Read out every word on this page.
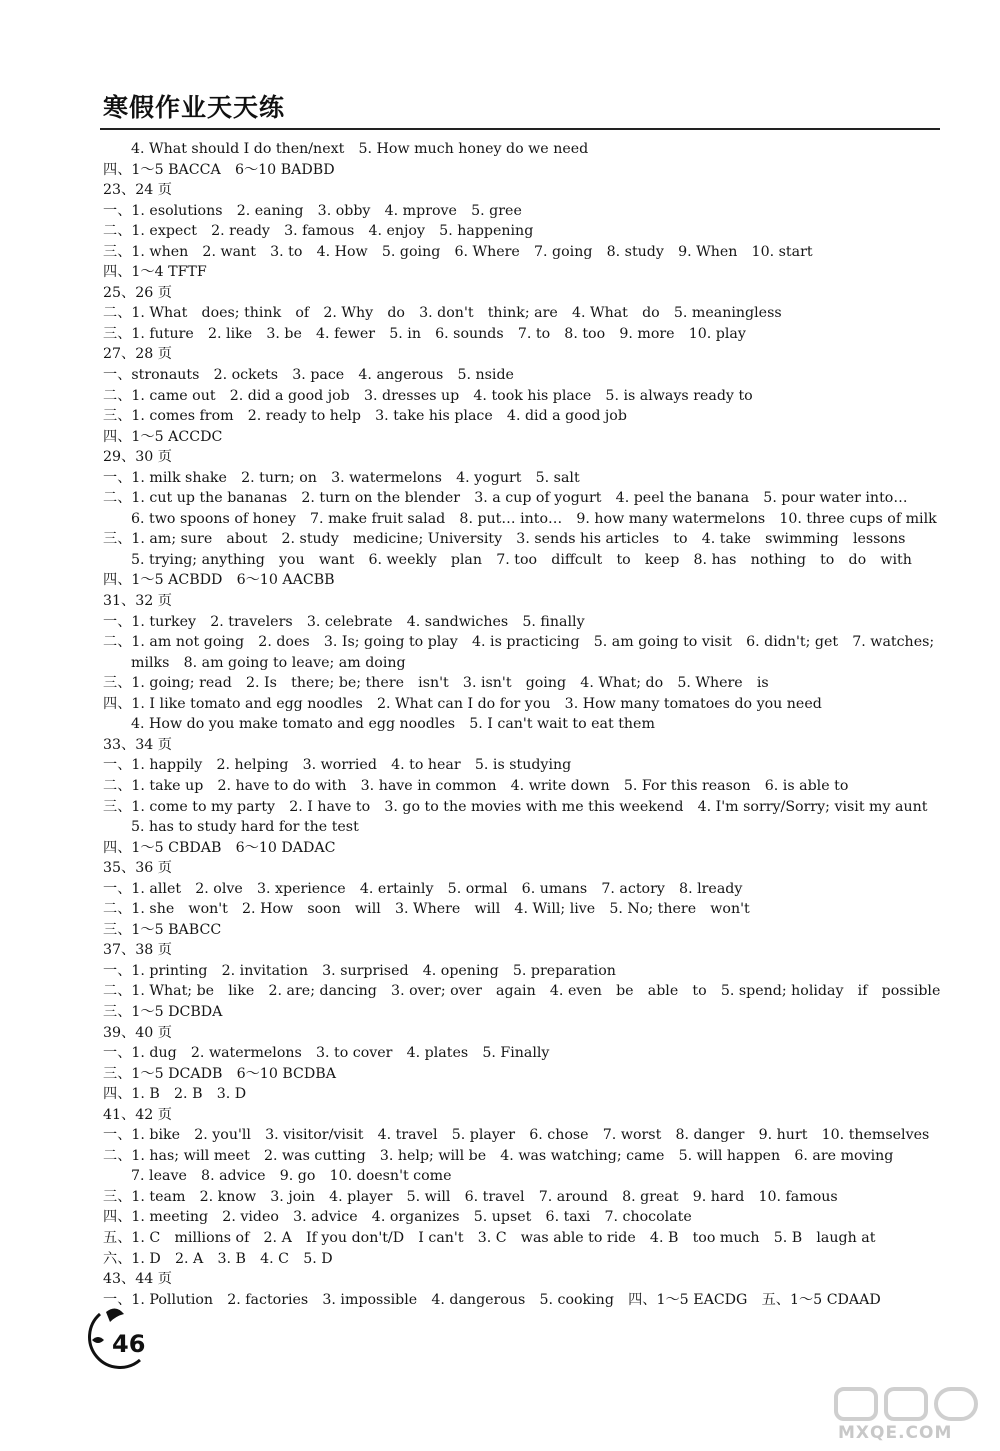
寒假作业天天练
4. What should I do then/next　5. How much honey do we need
四、1～5 BACCA　6～10 BADBD
23、24 页
一、1. esolutions　2. eaning　3. obby　4. mprove　5. gree
二、1. expect　2. ready　3. famous　4. enjoy　5. happening
三、1. when　2. want　3. to　4. How　5. going　6. Where　7. going　8. study　9. When　10. start
四、1～4 TFTF
25、26 页
二、1. What　does; think　of　2. Why　do　3. don't　think; are　4. What　do　5. meaningless
三、1. future　2. like　3. be　4. fewer　5. in　6. sounds　7. to　8. too　9. more　10. play
27、28 页
一、stronauts　2. ockets　3. pace　4. angerous　5. nside
二、1. came out　2. did a good job　3. dresses up　4. took his place　5. is always ready to
三、1. comes from　2. ready to help　3. take his place　4. did a good job
四、1～5 ACCDC
29、30 页
一、1. milk shake　2. turn; on　3. watermelons　4. yogurt　5. salt
二、1. cut up the bananas　2. turn on the blender　3. a cup of yogurt　4. peel the banana　5. pour water into…
6. two spoons of honey　7. make fruit salad　8. put… into…　9. how many watermelons　10. three cups of milk
三、1. am; sure　about　2. study　medicine; University　3. sends his articles　to　4. take　swimming　lessons
5. trying; anything　you　want　6. weekly　plan　7. too　diffcult　to　keep　8. has　nothing　to　do　with
四、1～5 ACBDD　6～10 AACBB
31、32 页
一、1. turkey　2. travelers　3. celebrate　4. sandwiches　5. finally
二、1. am not going　2. does　3. Is; going to play　4. is practicing　5. am going to visit　6. didn't; get　7. watches;
milks　8. am going to leave; am doing
三、1. going; read　2. Is　there; be; there　isn't　3. isn't　going　4. What; do　5. Where　is
四、1. I like tomato and egg noodles　2. What can I do for you　3. How many tomatoes do you need
4. How do you make tomato and egg noodles　5. I can't wait to eat them
33、34 页
一、1. happily　2. helping　3. worried　4. to hear　5. is studying
二、1. take up　2. have to do with　3. have in common　4. write down　5. For this reason　6. is able to
三、1. come to my party　2. I have to　3. go to the movies with me this weekend　4. I'm sorry/Sorry; visit my aunt
5. has to study hard for the test
四、1～5 CBDAB　6～10 DADAC
35、36 页
一、1. allet　2. olve　3. xperience　4. ertainly　5. ormal　6. umans　7. actory　8. lready
二、1. she　won't　2. How　soon　will　3. Where　will　4. Will; live　5. No; there　won't
三、1～5 BABCC
37、38 页
一、1. printing　2. invitation　3. surprised　4. opening　5. preparation
二、1. What; be　like　2. are; dancing　3. over; over　again　4. even　be　able　to　5. spend; holiday　if　possible
三、1～5 DCBDA
39、40 页
一、1. dug　2. watermelons　3. to cover　4. plates　5. Finally
三、1～5 DCADB　6～10 BCDBA
四、1. B　2. B　3. D
41、42 页
一、1. bike　2. you'll　3. visitor/visit　4. travel　5. player　6. chose　7. worst　8. danger　9. hurt　10. themselves
二、1. has; will meet　2. was cutting　3. help; will be　4. was watching; came　5. will happen　6. are moving
7. leave　8. advice　9. go　10. doesn't come
三、1. team　2. know　3. join　4. player　5. will　6. travel　7. around　8. great　9. hard　10. famous
四、1. meeting　2. video　3. advice　4. organizes　5. upset　6. taxi　7. chocolate
五、1. C　millions of　2. A　If you don't/D　I can't　3. C　was able to ride　4. B　too much　5. B　laugh at
六、1. D　2. A　3. B　4. C　5. D
43、44 页
一、1. Pollution　2. factories　3. impossible　4. dangerous　5. cooking　四、1～5 EACDG　五、1～5 CDAAD
46
MXQE.COM
